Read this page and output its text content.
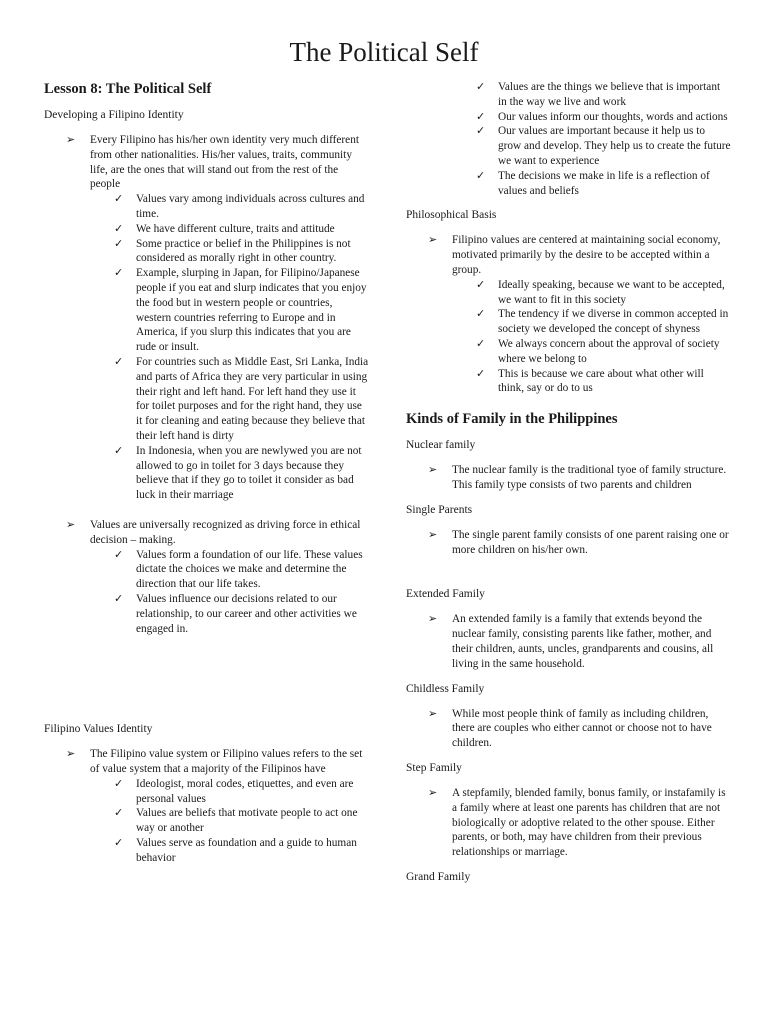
The Political Self
Lesson 8: The Political Self
Developing a Filipino Identity
➢ Every Filipino has his/her own identity very much different from other nationalities. His/her values, traits, community life, are the ones that will stand out from the rest of the people
✓ Values vary among individuals across cultures and time.
✓ We have different culture, traits and attitude
✓ Some practice or belief in the Philippines is not considered as morally right in other country.
✓ Example, slurping in Japan, for Filipino/Japanese people if you eat and slurp indicates that you enjoy the food but in western people or countries, western countries referring to Europe and in America, if you slurp this indicates that you are rude or insult.
✓ For countries such as Middle East, Sri Lanka, India and parts of Africa they are very particular in using their right and left hand. For left hand they use it for toilet purposes and for the right hand, they use it for cleaning and eating because they believe that their left hand is dirty
✓ In Indonesia, when you are newlywed you are not allowed to go in toilet for 3 days because they believe that if they go to toilet it consider as bad luck in their marriage
➢ Values are universally recognized as driving force in ethical decision – making.
✓ Values form a foundation of our life. These values dictate the choices we make and determine the direction that our life takes.
✓ Values influence our decisions related to our relationship, to our career and other activities we engaged in.
Filipino Values Identity
➢ The Filipino value system or Filipino values refers to the set of value system that a majority of the Filipinos have
✓ Ideologist, moral codes, etiquettes, and even are personal values
✓ Values are beliefs that motivate people to act one way or another
✓ Values serve as foundation and a guide to human behavior
✓ Values are the things we believe that is important in the way we live and work
✓ Our values inform our thoughts, words and actions
✓ Our values are important because it help us to grow and develop. They help us to create the future we want to experience
✓ The decisions we make in life is a reflection of values and beliefs
Philosophical Basis
➢ Filipino values are centered at maintaining social economy, motivated primarily by the desire to be accepted within a group.
✓ Ideally speaking, because we want to be accepted, we want to fit in this society
✓ The tendency if we diverse in common accepted in society we developed the concept of shyness
✓ We always concern about the approval of society where we belong to
✓ This is because we care about what other will think, say or do to us
Kinds of Family in the Philippines
Nuclear family
➢ The nuclear family is the traditional tyoe of family structure. This family type consists of two parents and children
Single Parents
➢ The single parent family consists of one parent raising one or more children on his/her own.
Extended Family
➢ An extended family is a family that extends beyond the nuclear family, consisting parents like father, mother, and their children, aunts, uncles, grandparents and cousins, all living in the same household.
Childless Family
➢ While most people think of family as including children, there are couples who either cannot or choose not to have children.
Step Family
➢ A stepfamily, blended family, bonus family, or instafamily is a family where at least one parents has children that are not biologically or adoptive related to the other spouse. Either parents, or both, may have children from their previous relationships or marriage.
Grand Family
